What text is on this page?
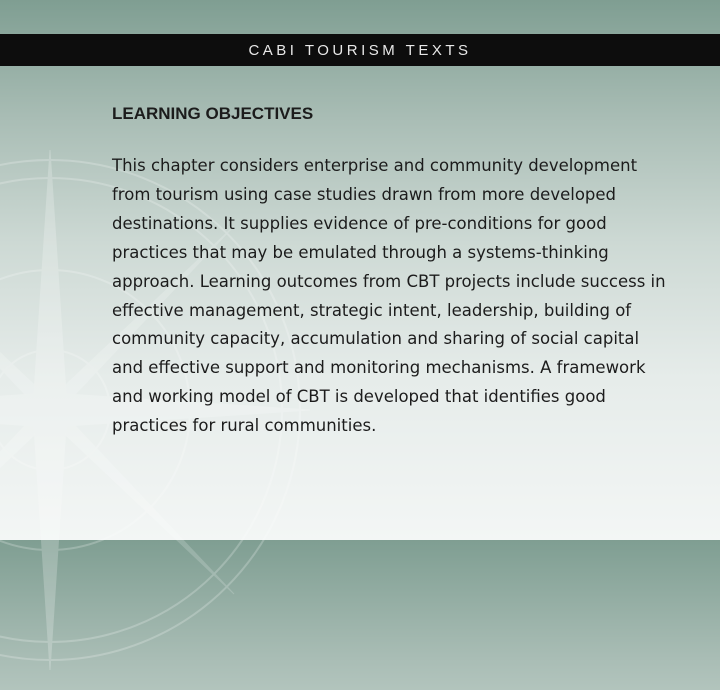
CABI TOURISM TEXTS
LEARNING OBJECTIVES

This chapter considers enterprise and community development from tourism using case studies drawn from more developed destinations. It supplies evidence of pre-conditions for good practices that may be emulated through a systems-thinking approach. Learning outcomes from CBT projects include success in effective management, strategic intent, leadership, building of community capacity, accumulation and sharing of social capital and effective support and monitoring mechanisms. A framework and working model of CBT is developed that identifies good practices for rural communities.
